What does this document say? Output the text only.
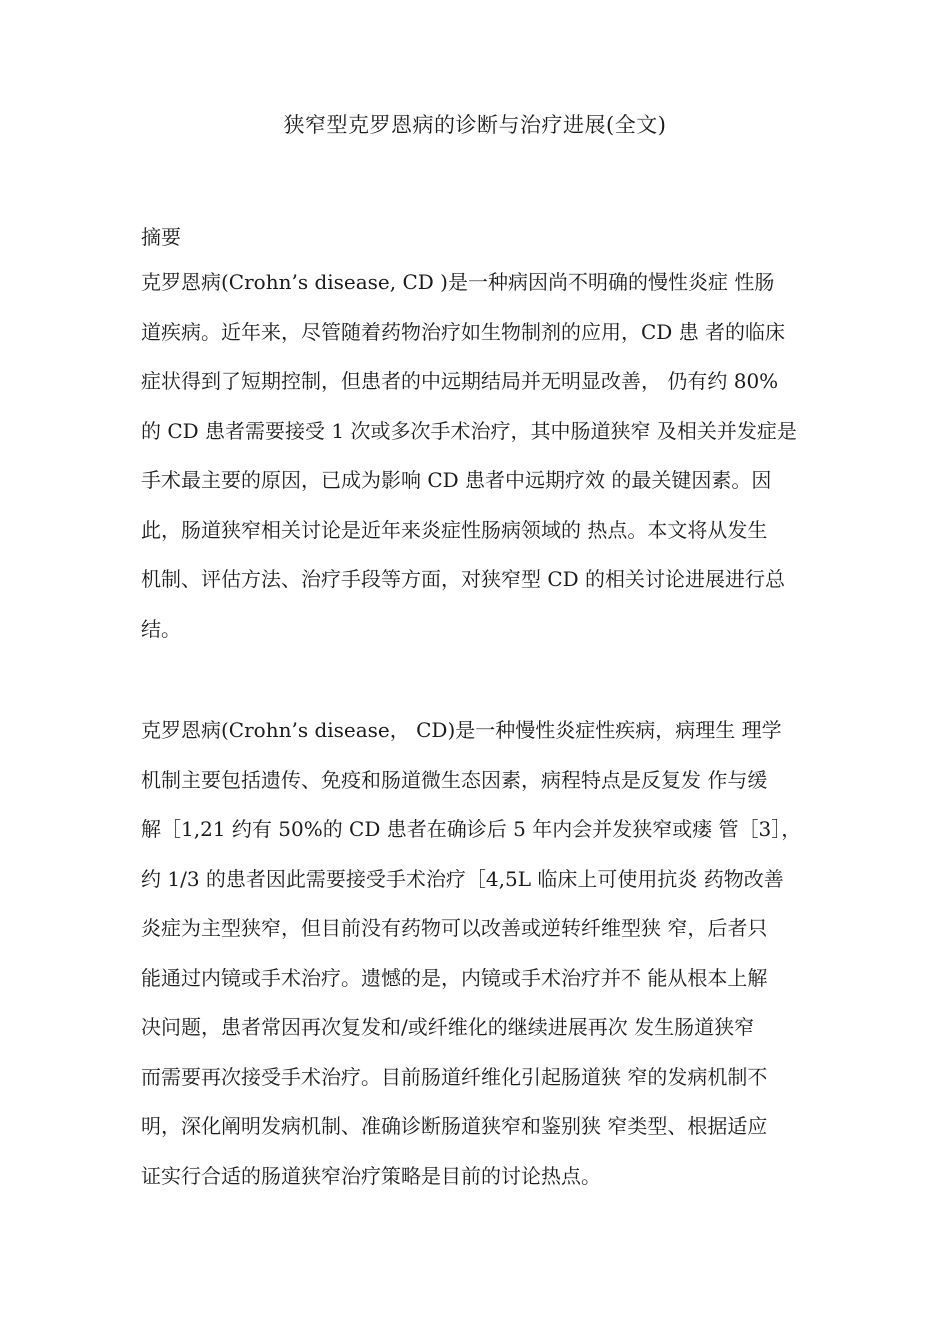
狭窄型克罗恩病的诊断与治疗进展(全文)
摘要
克罗恩病(Crohn’s disease, CD )是一种病因尚不明确的慢性炎症 性肠
道疾病。近年来，尽管随着药物治疗如生物制剂的应用，CD 患 者的临床
症状得到了短期控制，但患者的中远期结局并无明显改善， 仍有约 80%
的 CD 患者需要接受 1 次或多次手术治疗，其中肠道狭窄 及相关并发症是
手术最主要的原因，已成为影响 CD 患者中远期疗效 的最关键因素。因
此，肠道狭窄相关讨论是近年来炎症性肠病领域的 热点。本文将从发生
机制、评估方法、治疗手段等方面，对狭窄型 CD 的相关讨论进展进行总
结。
克罗恩病(Crohn’s disease， CD)是一种慢性炎症性疾病，病理生 理学
机制主要包括遗传、免疫和肠道微生态因素，病程特点是反复发 作与缓
解［1,21 约有 50%的 CD 患者在确诊后 5 年内会并发狭窄或瘘 管［3］，
约 1/3 的患者因此需要接受手术治疗［4,5L 临床上可使用抗炎 药物改善
炎症为主型狭窄，但目前没有药物可以改善或逆转纤维型狭 窄，后者只
能通过内镜或手术治疗。遗憾的是，内镜或手术治疗并不 能从根本上解
决问题，患者常因再次复发和/或纤维化的继续进展再次 发生肠道狭窄
而需要再次接受手术治疗。目前肠道纤维化引起肠道狭 窄的发病机制不
明，深化阐明发病机制、准确诊断肠道狭窄和鉴别狭 窄类型、根据适应
证实行合适的肠道狭窄治疗策略是目前的讨论热点。
